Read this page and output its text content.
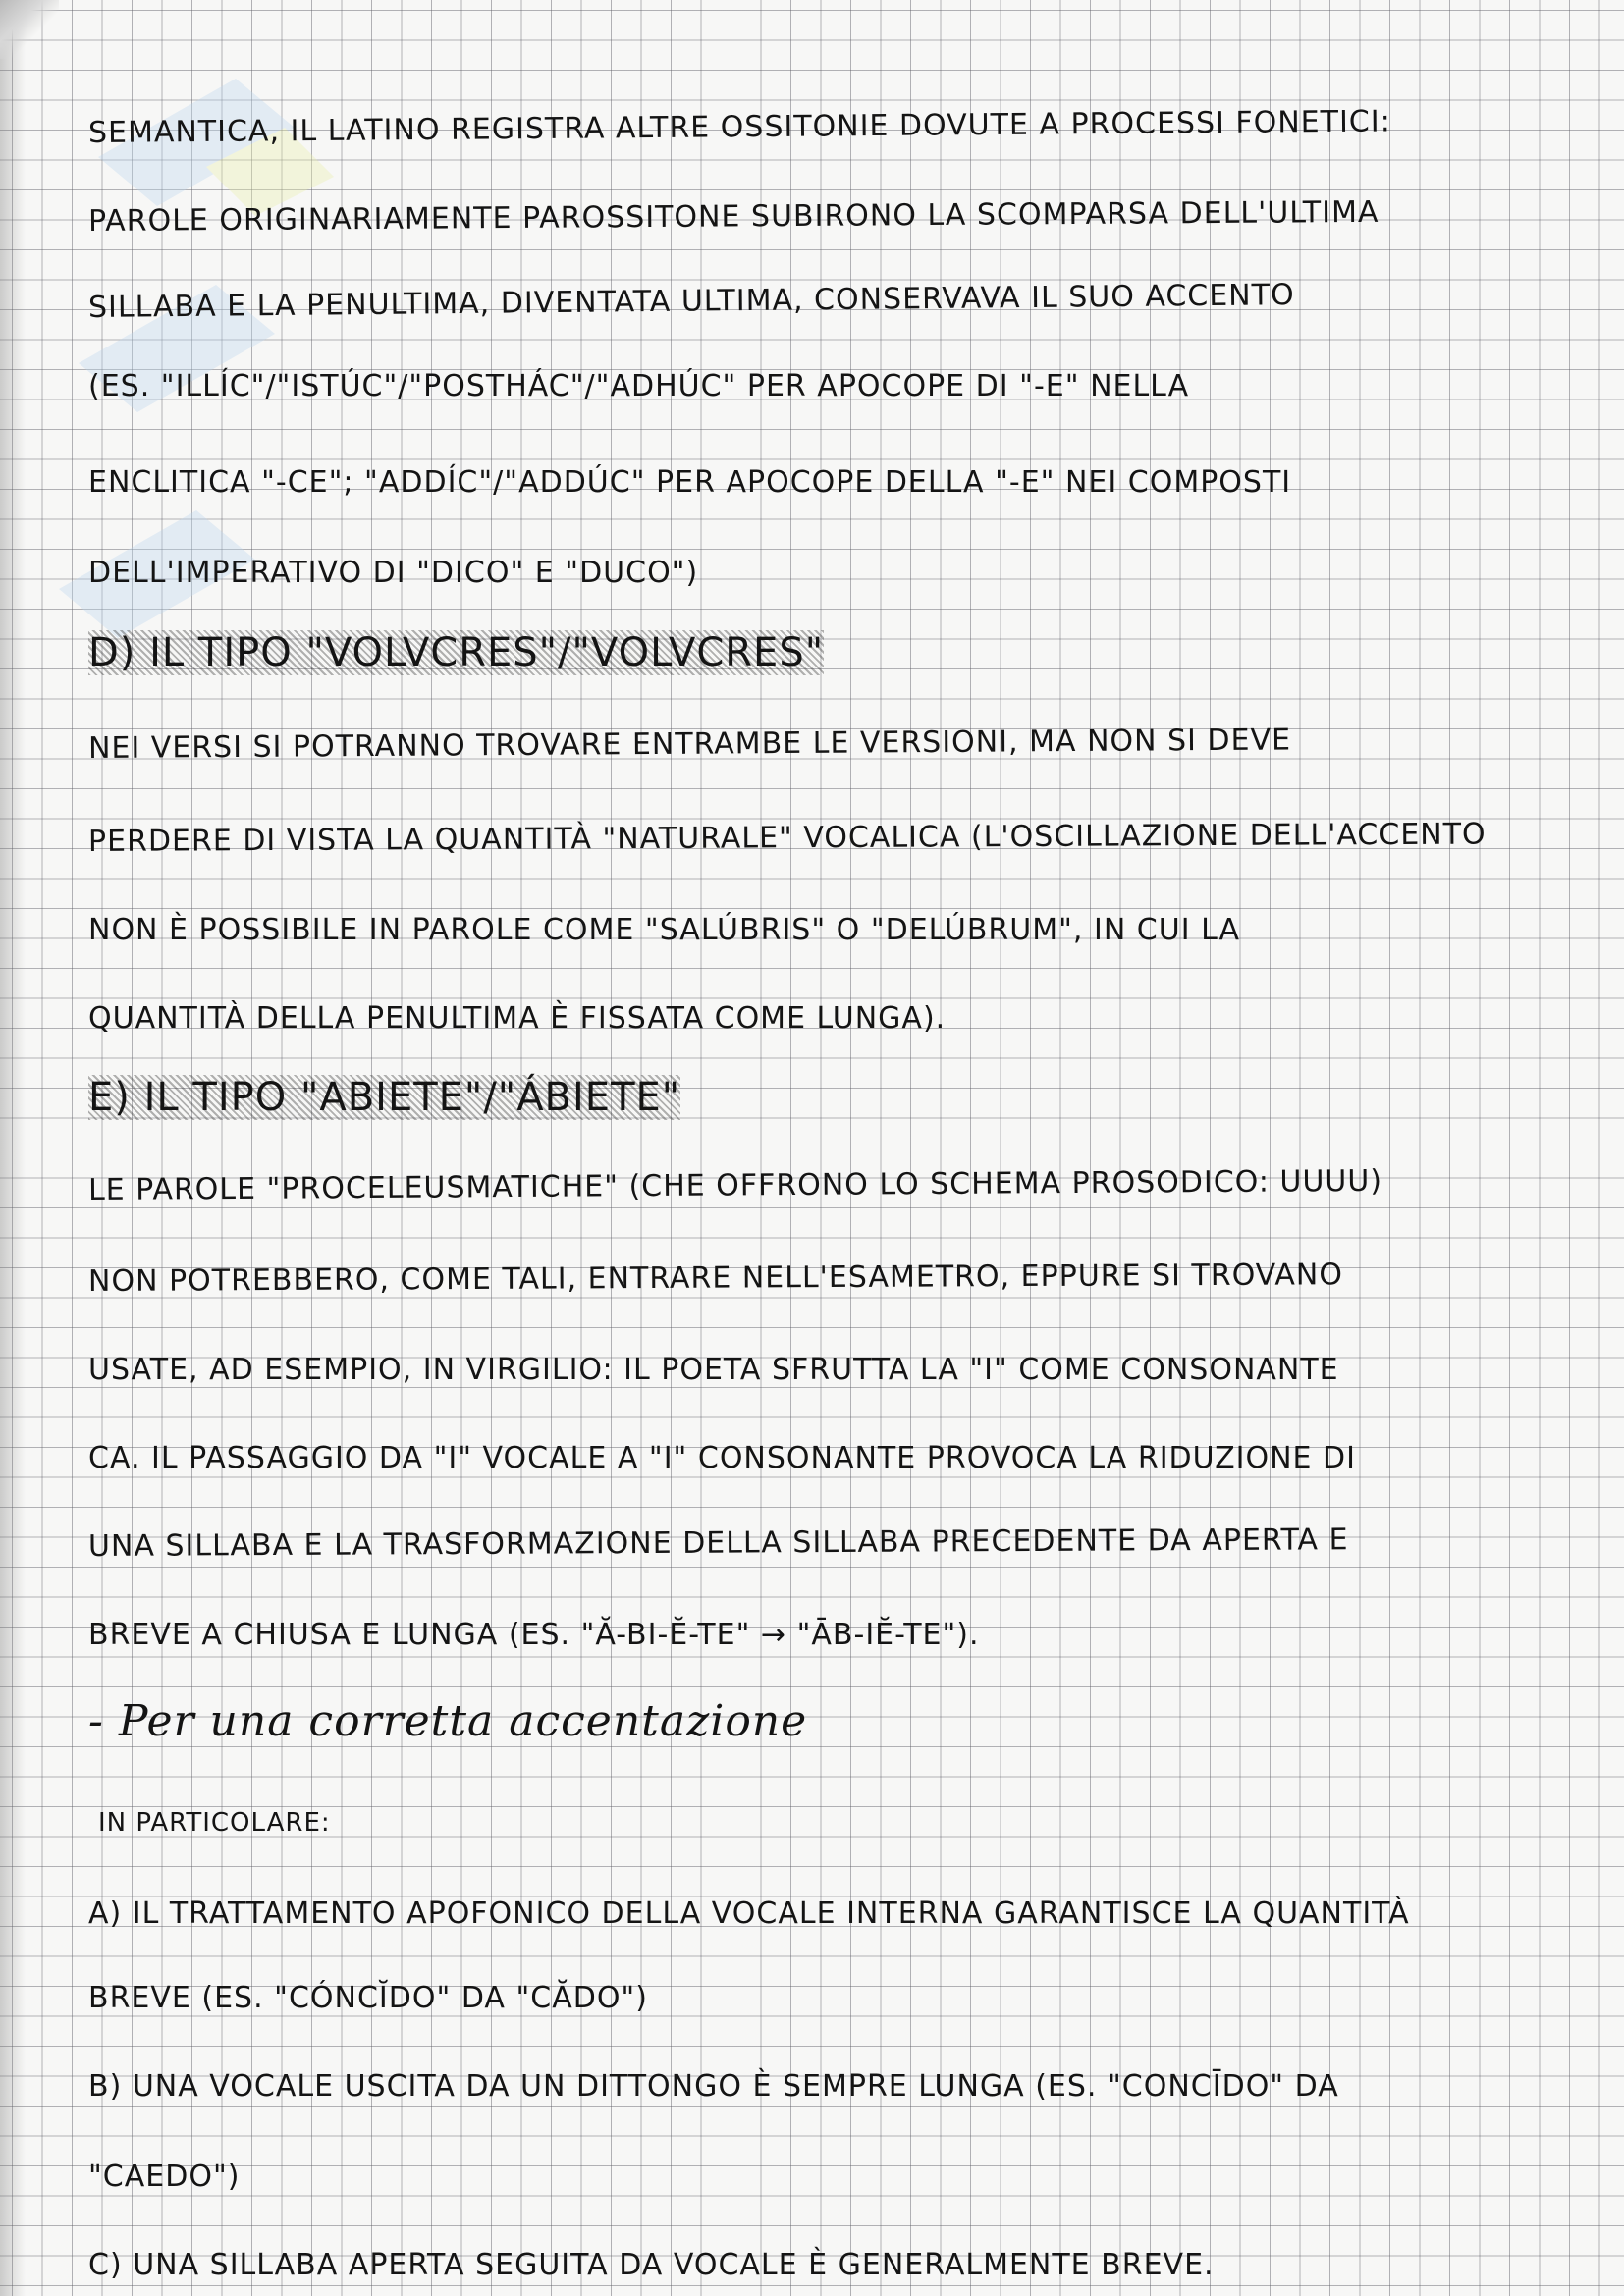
SEMANTICA, IL LATINO REGISTRA ALTRE OSSITONIE DOVUTE A PROCESSI FONETICI:
PAROLE ORIGINARIAMENTE PAROSSITONE SUBIRONO LA SCOMPARSA DELL'ULTIMA
SILLABA E LA PENULTIMA, DIVENTATA ULTIMA, CONSERVAVA IL SUO ACCENTO
(ES. "ILLÍC"/"ISTÚC"/"POSTHÁC"/"ADHÚC" PER APOCOPE DI "-E" NELLA
ENCLITICA "-CE"; "ADDÍC"/"ADDÚC" PER APOCOPE DELLA "-E" NEI COMPOSTI
DELL'IMPERATIVO DI "DICO" E "DUCO")
D) IL TIPO "VOLVCRES"/"VOLVCRES"
NEI VERSI SI POTRANNO TROVARE ENTRAMBE LE VERSIONI, MA NON SI DEVE
PERDERE DI VISTA LA QUANTITÀ "NATURALE" VOCALICA (L'OSCILLAZIONE DELL'ACCENTO
NON È POSSIBILE IN PAROLE COME "SALÚBRIS" O "DELÚBRUM", IN CUI LA
QUANTITÀ DELLA PENULTIMA È FISSATA COME LUNGA).
E) IL TIPO "ABIETE"/"ÁBIETE"
LE PAROLE "PROCELEUSMATICHE" (CHE OFFRONO LO SCHEMA PROSODICO: UUUU)
NON POTREBBERO, COME TALI, ENTRARE NELL'ESAMETRO, EPPURE SI TROVANO
USATE, AD ESEMPIO, IN VIRGILIO: IL POETA SFRUTTA LA "I" COME CONSONANTE
CA. IL PASSAGGIO DA "I" VOCALE A "I" CONSONANTE PROVOCA LA RIDUZIONE DI
UNA SILLABA E LA TRASFORMAZIONE DELLA SILLABA PRECEDENTE DA APERTA E
BREVE A CHIUSA E LUNGA (ES. "Ă-BI-Ĕ-TE" → "ĀB-IĔ-TE").
- Per una corretta accentazione
IN PARTICOLARE:
A) IL TRATTAMENTO APOFONICO DELLA VOCALE INTERNA GARANTISCE LA QUANTITÀ
BREVE (ES. "CÓNCĬDO" DA "CĂDO")
B) UNA VOCALE USCITA DA UN DITTONGO È SEMPRE LUNGA (ES. "CONCĪDO" DA
"CAEDO")
C) UNA SILLABA APERTA SEGUITA DA VOCALE È GENERALMENTE BREVE.
